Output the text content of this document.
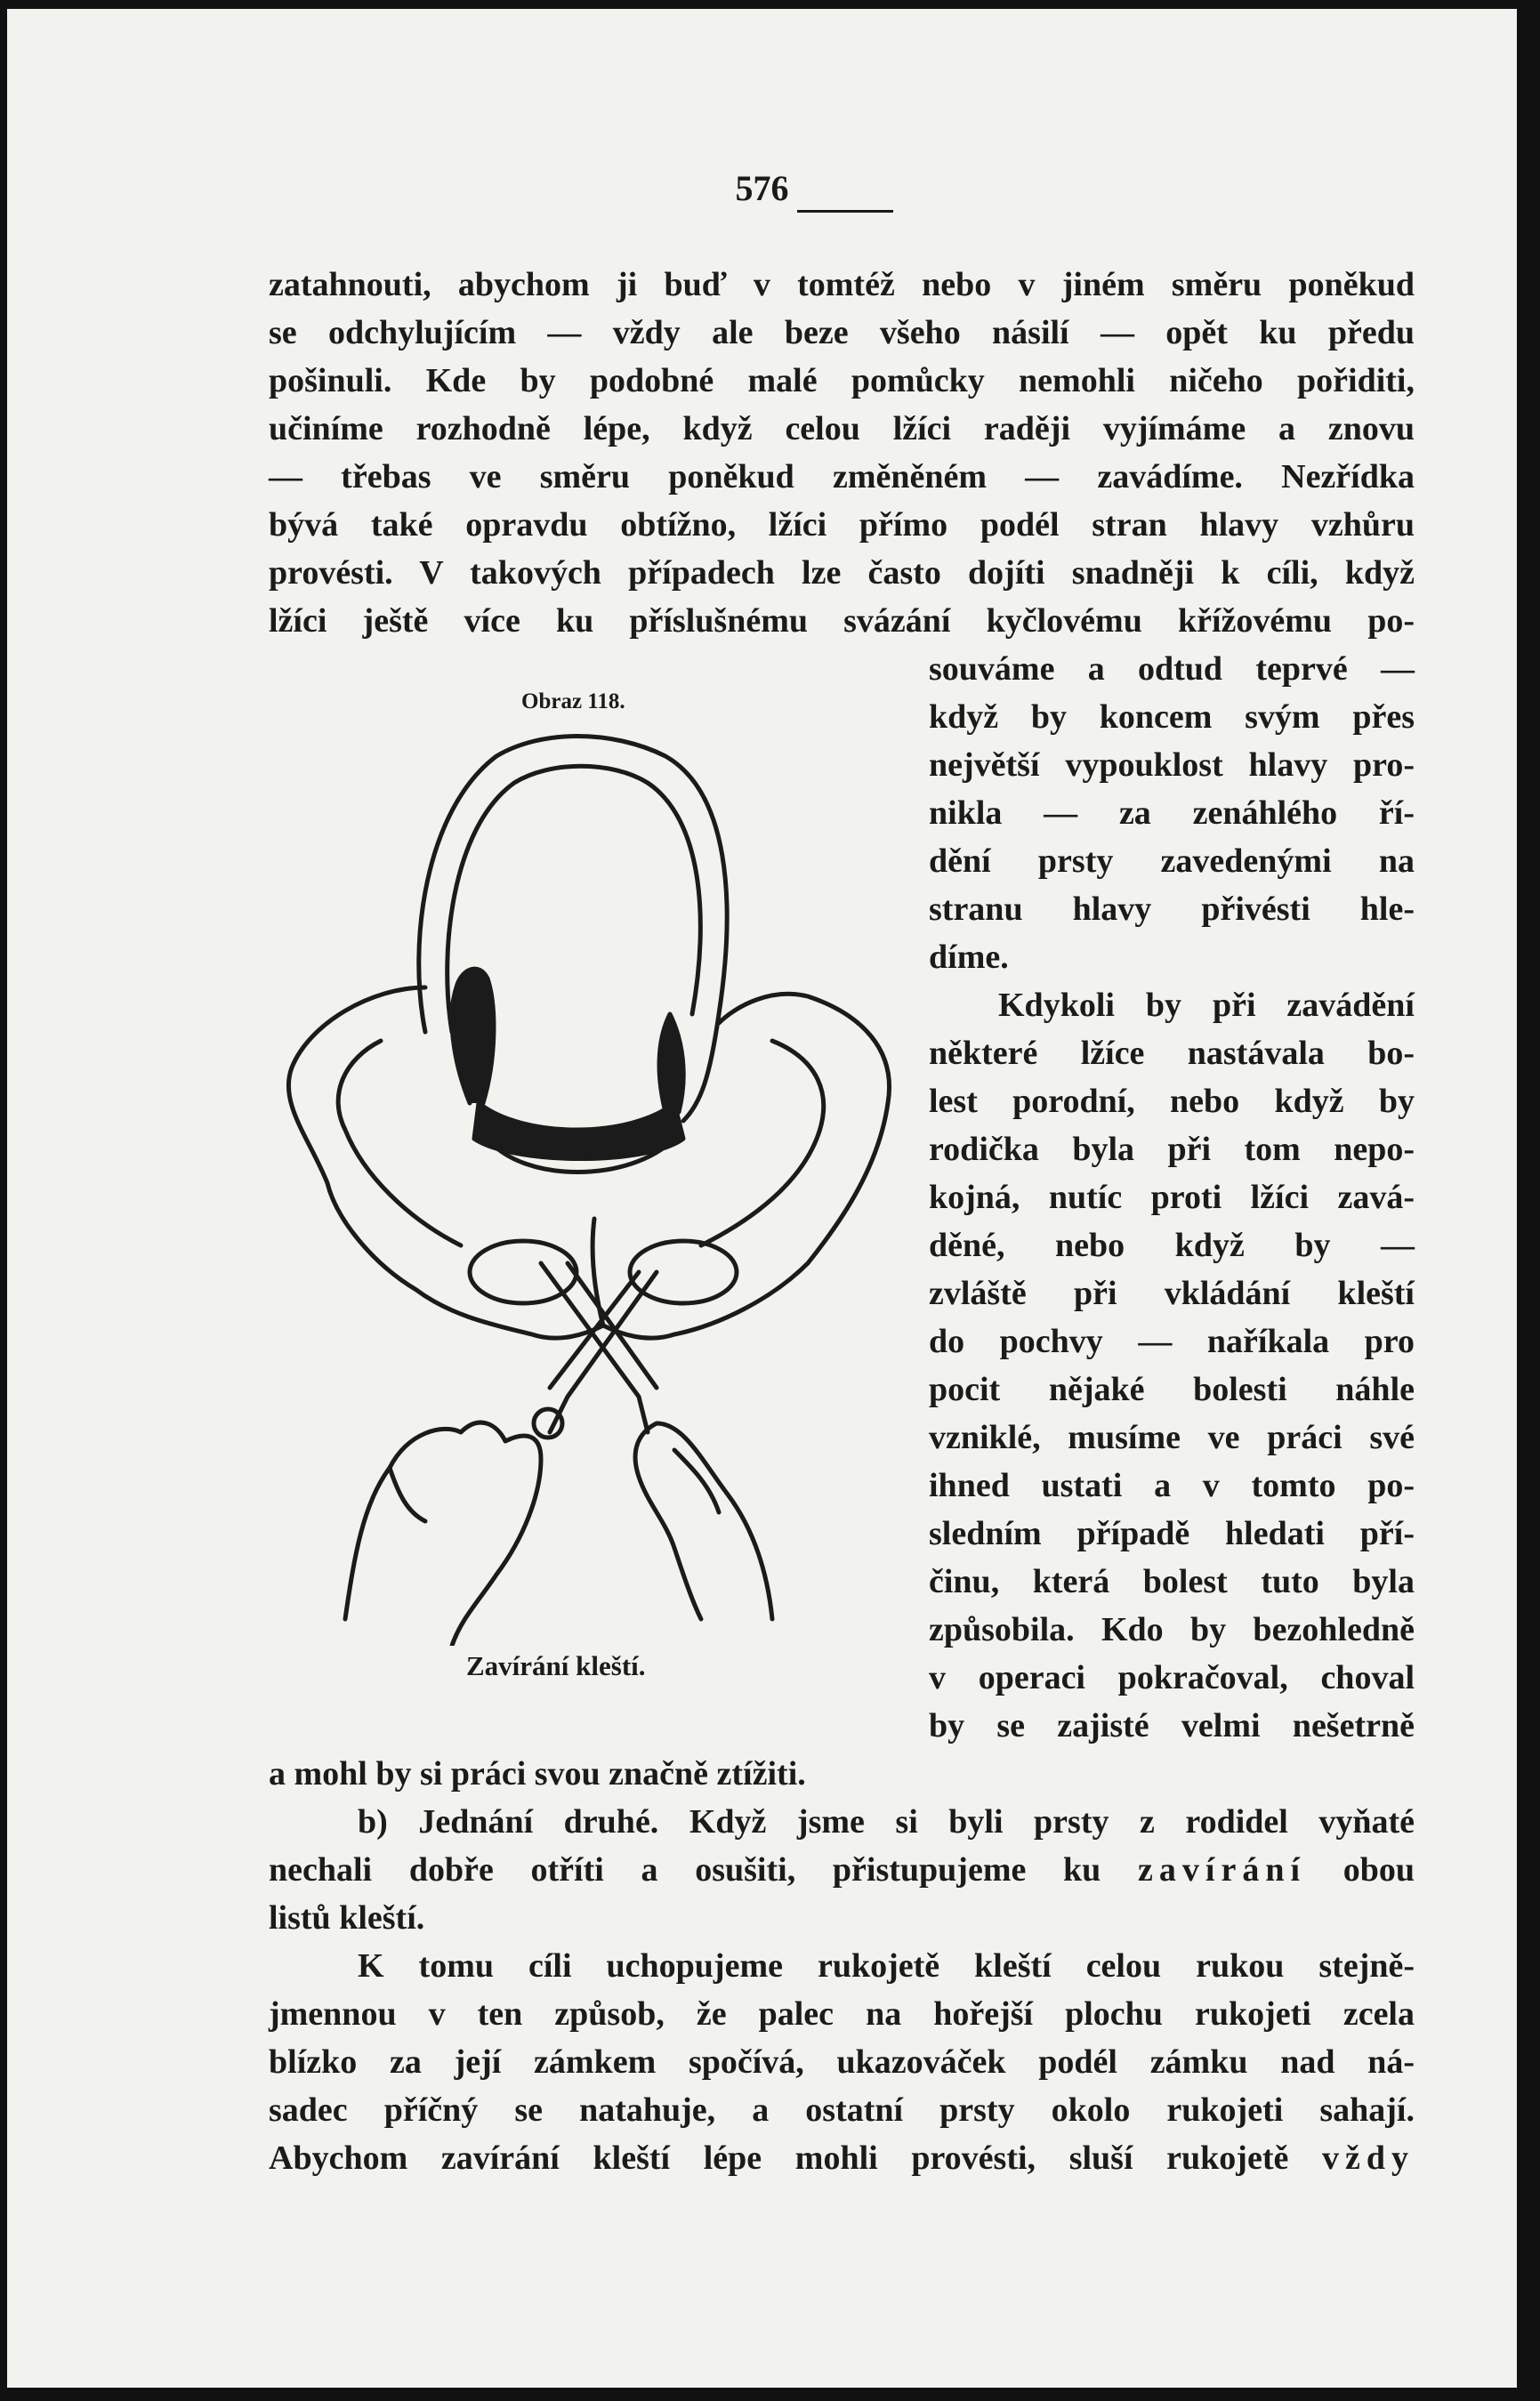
576
zatahnouti, abychom ji buď v tomtéž nebo v jiném směru poněkud
se odchylujícím — vždy ale beze všeho násilí — opět ku předu
pošinuli. Kde by podobné malé pomůcky nemohli ničeho pořiditi,
učiníme rozhodně lépe, když celou lžíci raději vyjímáme a znovu
— třebas ve směru poněkud změněném — zavádíme. Nezřídka
bývá také opravdu obtížno, lžíci přímo podél stran hlavy vzhůru
provésti. V takových případech lze často dojíti snadněji k cíli, když
lžíci ještě více ku příslušnému svázání kyčlovému křížovému po-
souváme a odtud teprvé —
když by koncem svým přes
největší vypouklost hlavy pro-
nikla — za zenáhlého ří-
dění prsty zavedenými na
stranu hlavy přivésti hle-
díme.
Kdykoli by při zavádění
některé lžíce nastávala bo-
lest porodní, nebo když by
rodička byla při tom nepo-
kojná, nutíc proti lžíci zavá-
děné, nebo když by —
zvláště při vkládání kleští
do pochvy — naříkala pro
pocit nějaké bolesti náhle
vzniklé, musíme ve práci své
ihned ustati a v tomto po-
sledním případě hledati pří-
činu, která bolest tuto byla
způsobila. Kdo by bezohledně
v operaci pokračoval, choval
by se zajisté velmi nešetrně
Obraz 118.
Zavírání kleští.
a mohl by si práci svou značně ztížiti.
b) Jednání druhé. Když jsme si byli prsty z rodidel vyňaté
nechali dobře otříti a osušiti, přistupujeme ku zavírání obou
listů kleští.
K tomu cíli uchopujeme rukojetě kleští celou rukou stejně-
jmennou v ten způsob, že palec na hořejší plochu rukojeti zcela
blízko za její zámkem spočívá, ukazováček podél zámku nad ná-
sadec příčný se natahuje, a ostatní prsty okolo rukojeti sahají.
Abychom zavírání kleští lépe mohli provésti, sluší rukojetě vždy
